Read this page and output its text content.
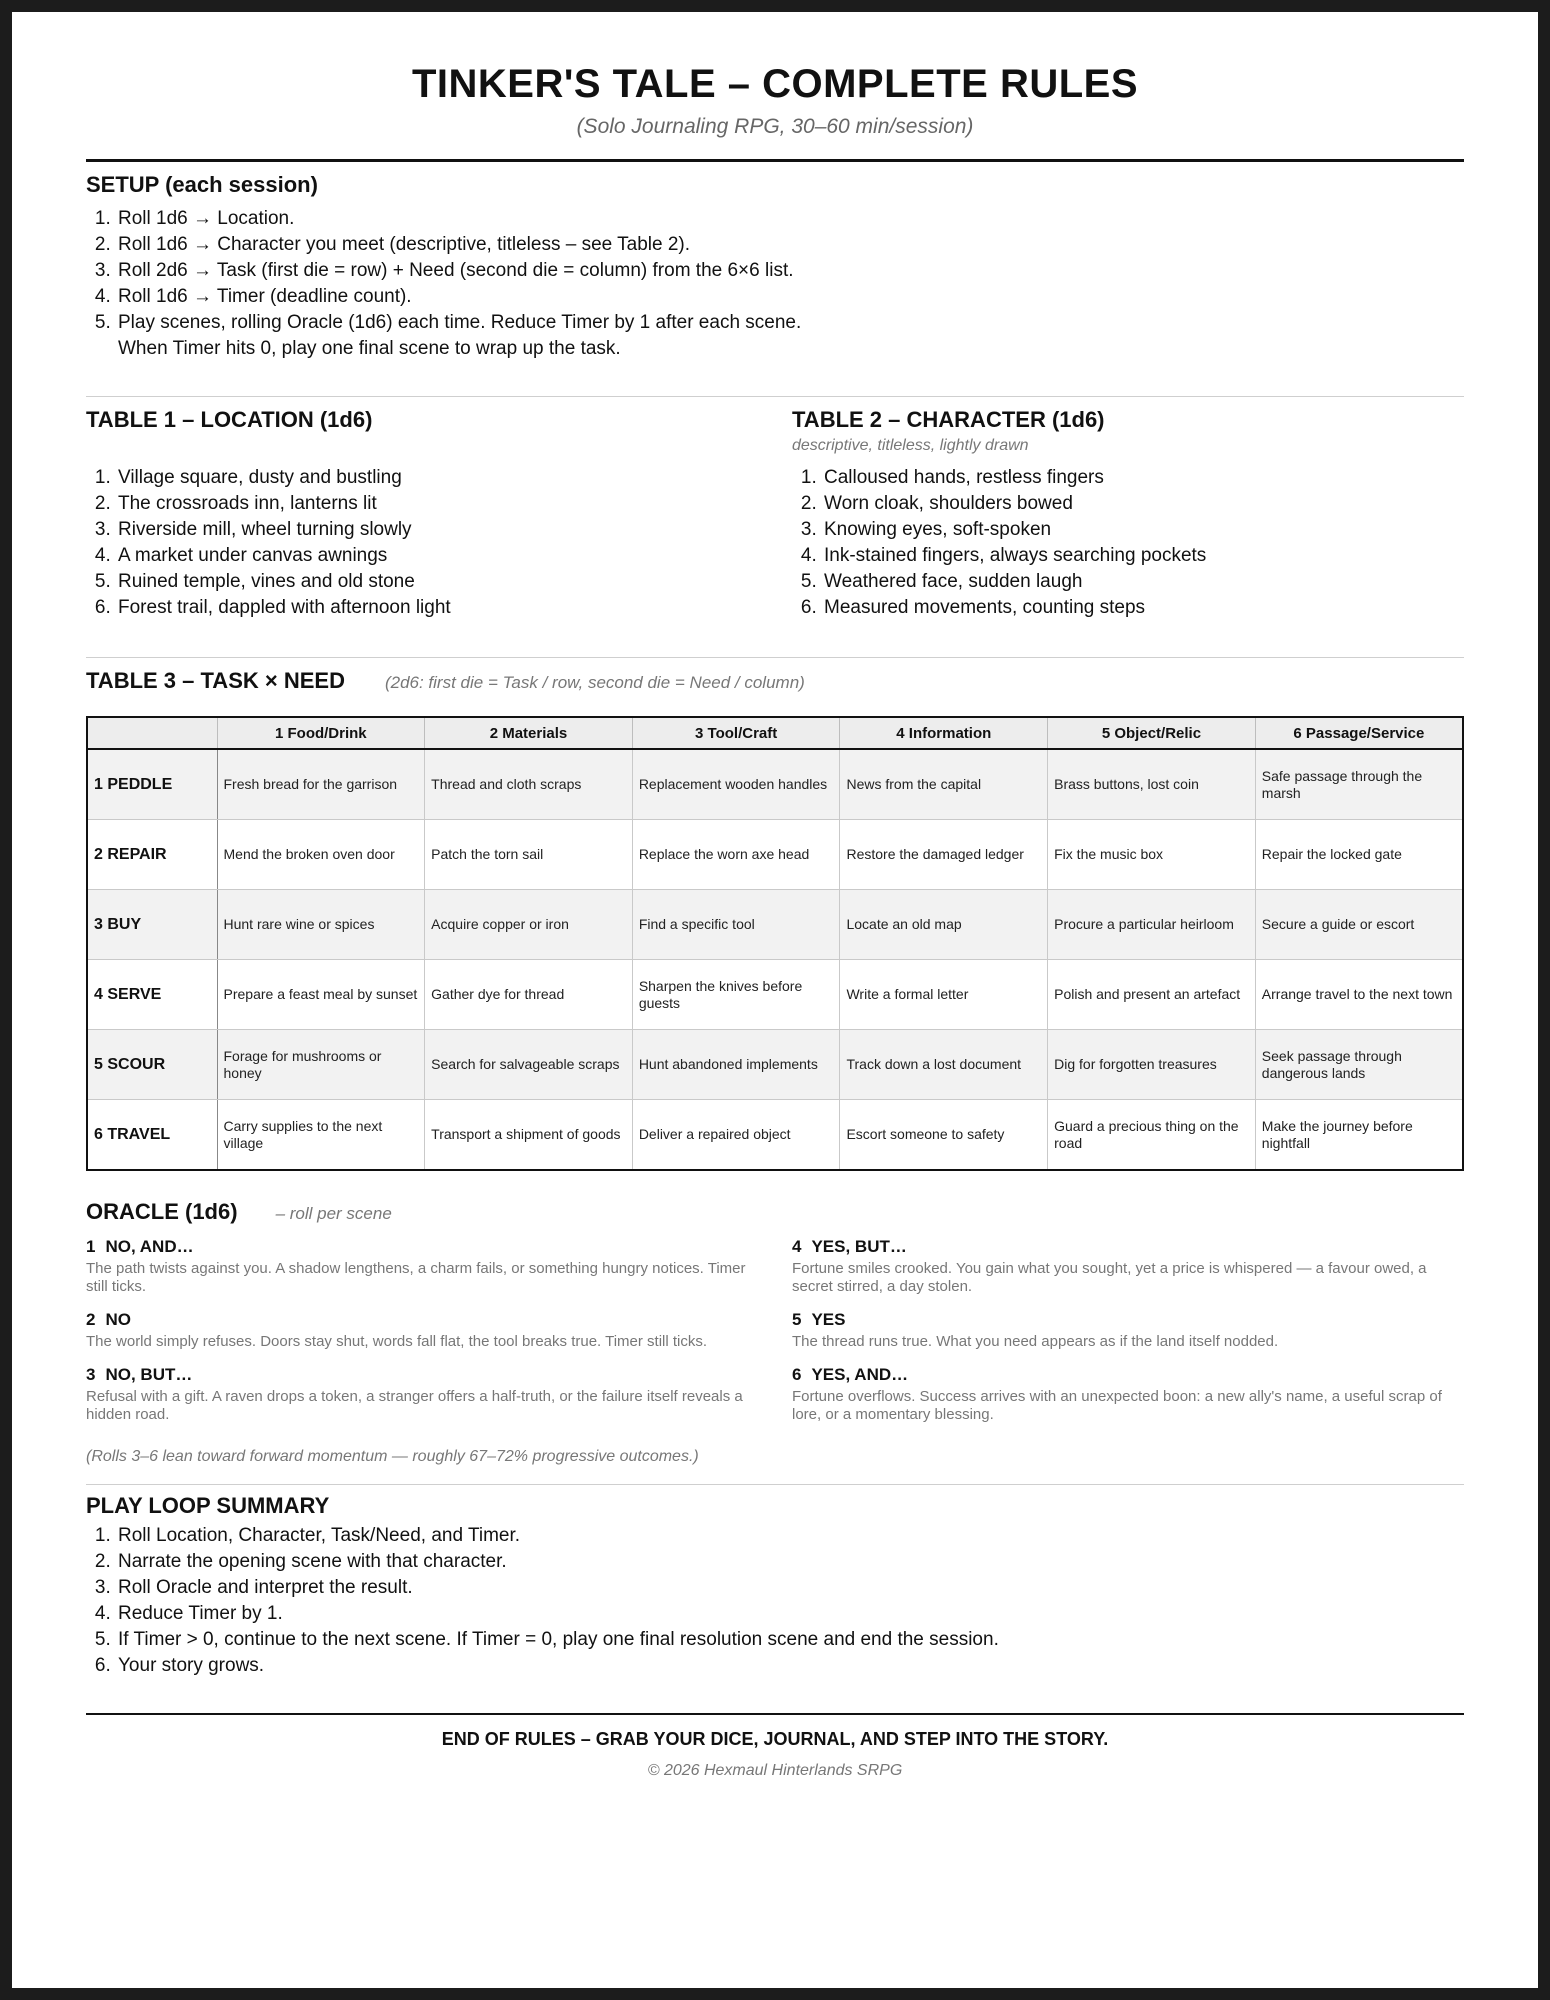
TINKER'S TALE – COMPLETE RULES
(Solo Journaling RPG, 30–60 min/session)
SETUP (each session)
1. Roll 1d6 → Location.
2. Roll 1d6 → Character you meet (descriptive, titleless – see Table 2).
3. Roll 2d6 → Task (first die = row) + Need (second die = column) from the 6×6 list.
4. Roll 1d6 → Timer (deadline count).
5. Play scenes, rolling Oracle (1d6) each time. Reduce Timer by 1 after each scene.
When Timer hits 0, play one final scene to wrap up the task.
TABLE 1 – LOCATION (1d6)
1. Village square, dusty and bustling
2. The crossroads inn, lanterns lit
3. Riverside mill, wheel turning slowly
4. A market under canvas awnings
5. Ruined temple, vines and old stone
6. Forest trail, dappled with afternoon light
TABLE 2 – CHARACTER (1d6)
descriptive, titleless, lightly drawn
1. Calloused hands, restless fingers
2. Worn cloak, shoulders bowed
3. Knowing eyes, soft-spoken
4. Ink-stained fingers, always searching pockets
5. Weathered face, sudden laugh
6. Measured movements, counting steps
TABLE 3 – TASK × NEED (2d6: first die = Task / row, second die = Need / column)
	1 Food/Drink	2 Materials	3 Tool/Craft	4 Information	5 Object/Relic	6 Passage/Service
1 PEDDLE	Fresh bread for the garrison	Thread and cloth scraps	Replacement wooden handles	News from the capital	Brass buttons, lost coin	Safe passage through the marsh
2 REPAIR	Mend the broken oven door	Patch the torn sail	Replace the worn axe head	Restore the damaged ledger	Fix the music box	Repair the locked gate
3 BUY	Hunt rare wine or spices	Acquire copper or iron	Find a specific tool	Locate an old map	Procure a particular heirloom	Secure a guide or escort
4 SERVE	Prepare a feast meal by sunset	Gather dye for thread	Sharpen the knives before guests	Write a formal letter	Polish and present an artefact	Arrange travel to the next town
5 SCOUR	Forage for mushrooms or honey	Search for salvageable scraps	Hunt abandoned implements	Track down a lost document	Dig for forgotten treasures	Seek passage through dangerous lands
6 TRAVEL	Carry supplies to the next village	Transport a shipment of goods	Deliver a repaired object	Escort someone to safety	Guard a precious thing on the road	Make the journey before nightfall
ORACLE (1d6) – roll per scene
1 NO, AND…
The path twists against you. A shadow lengthens, a charm fails, or something hungry notices. Timer still ticks.
2 NO
The world simply refuses. Doors stay shut, words fall flat, the tool breaks true. Timer still ticks.
3 NO, BUT…
Refusal with a gift. A raven drops a token, a stranger offers a half-truth, or the failure itself reveals a hidden road.
4 YES, BUT…
Fortune smiles crooked. You gain what you sought, yet a price is whispered — a favour owed, a secret stirred, a day stolen.
5 YES
The thread runs true. What you need appears as if the land itself nodded.
6 YES, AND…
Fortune overflows. Success arrives with an unexpected boon: a new ally's name, a useful scrap of lore, or a momentary blessing.
(Rolls 3–6 lean toward forward momentum — roughly 67–72% progressive outcomes.)
PLAY LOOP SUMMARY
1. Roll Location, Character, Task/Need, and Timer.
2. Narrate the opening scene with that character.
3. Roll Oracle and interpret the result.
4. Reduce Timer by 1.
5. If Timer > 0, continue to the next scene. If Timer = 0, play one final resolution scene and end the session.
6. Your story grows.
END OF RULES – GRAB YOUR DICE, JOURNAL, AND STEP INTO THE STORY.
© 2026 Hexmaul Hinterlands SRPG
